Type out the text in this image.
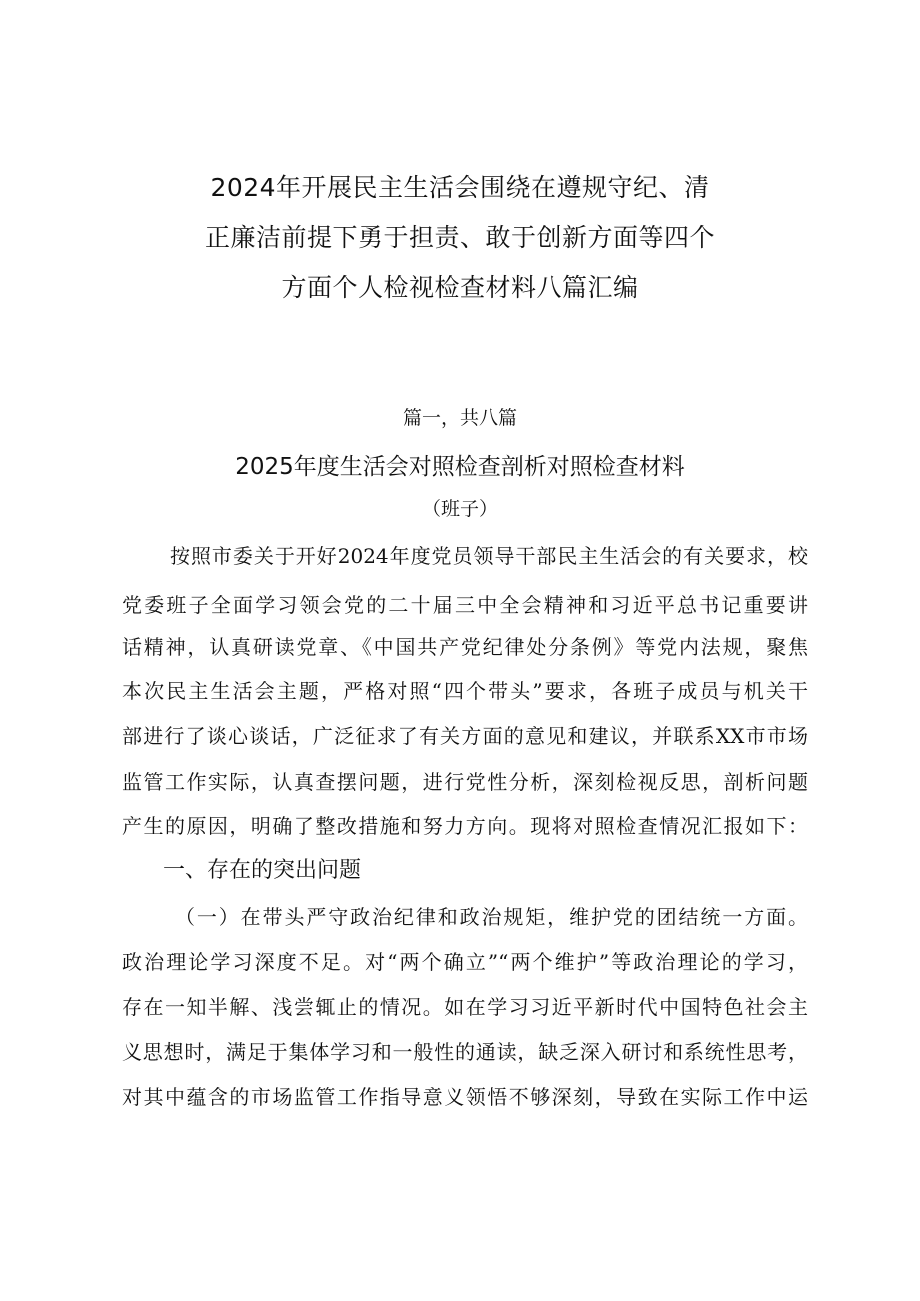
2024年开展民主生活会围绕在遵规守纪、清
正廉洁前提下勇于担责、敢于创新方面等四个
方面个人检视检查材料八篇汇编
篇一，共八篇
2025年度生活会对照检查剖析对照检查材料
（班子）
按照市委关于开好2024年度党员领导干部民主生活会的有关要求，校
党委班子全面学习领会党的二十届三中全会精神和习近平总书记重要讲
话精神，认真研读党章、《中国共产党纪律处分条例》等党内法规，聚焦
本次民主生活会主题，严格对照“四个带头”要求，各班子成员与机关干
部进行了谈心谈话，广泛征求了有关方面的意见和建议，并联系XX市市场
监管工作实际，认真查摆问题，进行党性分析，深刻检视反思，剖析问题
产生的原因，明确了整改措施和努力方向。现将对照检查情况汇报如下：
一、存在的突出问题
（一）在带头严守政治纪律和政治规矩，维护党的团结统一方面。
政治理论学习深度不足。对“两个确立”“两个维护”等政治理论的学习，
存在一知半解、浅尝辄止的情况。如在学习习近平新时代中国特色社会主
义思想时，满足于集体学习和一般性的通读，缺乏深入研讨和系统性思考，
对其中蕴含的市场监管工作指导意义领悟不够深刻，导致在实际工作中运
